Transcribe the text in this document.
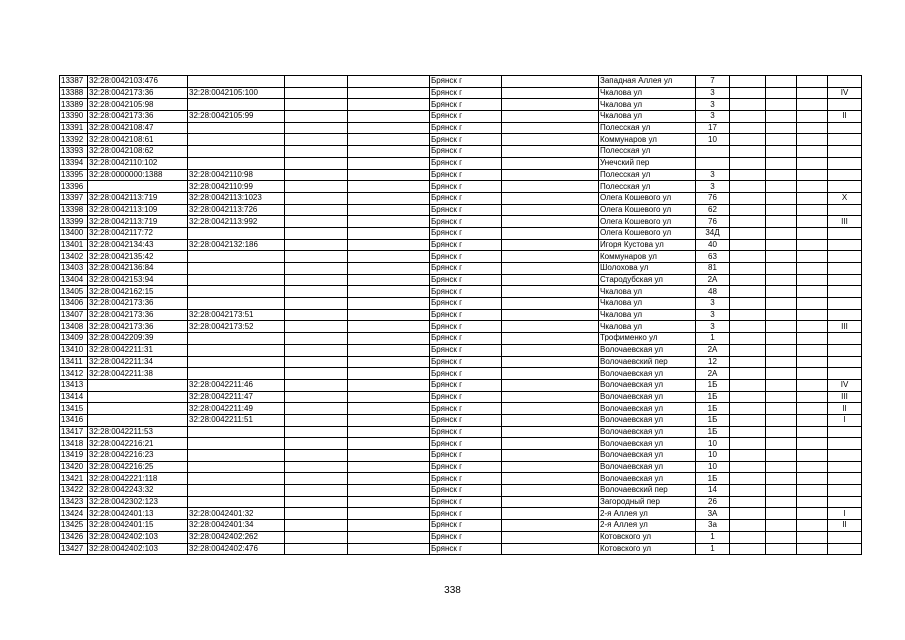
13387	32:28:0042103:476				Брянск г		Западная Аллея ул	7				
13388	32:28:0042173:36	32:28:0042105:100			Брянск г		Чкалова ул	3				IV
13389	32:28:0042105:98				Брянск г		Чкалова ул	3				
13390	32:28:0042173:36	32:28:0042105:99			Брянск г		Чкалова ул	3				II
13391	32:28:0042108:47				Брянск г		Полесская ул	17				
13392	32:28:0042108:61				Брянск г		Коммунаров ул	10				
13393	32:28:0042108:62				Брянск г		Полесская ул					
13394	32:28:0042110:102				Брянск г		Унечский пер					
13395	32:28:0000000:1388	32:28:0042110:98			Брянск г		Полесская ул	3				
13396		32:28:0042110:99			Брянск г		Полесская ул	3				
13397	32:28:0042113:719	32:28:0042113:1023			Брянск г		Олега Кошевого ул	76				X
13398	32:28:0042113:109	32:28:0042113:726			Брянск г		Олега Кошевого ул	62				
13399	32:28:0042113:719	32:28:0042113:992			Брянск г		Олега Кошевого ул	76				III
13400	32:28:0042117:72				Брянск г		Олега Кошевого ул	34Д				
13401	32:28:0042134:43	32:28:0042132:186			Брянск г		Игоря Кустова ул	40				
13402	32:28:0042135:42				Брянск г		Коммунаров ул	63				
13403	32:28:0042136:84				Брянск г		Шолохова ул	81				
13404	32:28:0042153:94				Брянск г		Стародубская ул	2А				
13405	32:28:0042162:15				Брянск г		Чкалова ул	48				
13406	32:28:0042173:36				Брянск г		Чкалова ул	3				
13407	32:28:0042173:36	32:28:0042173:51			Брянск г		Чкалова ул	3				
13408	32:28:0042173:36	32:28:0042173:52			Брянск г		Чкалова ул	3				III
13409	32:28:0042209:39				Брянск г		Трофименко ул	1				
13410	32:28:0042211:31				Брянск г		Волочаевская ул	2А				
13411	32:28:0042211:34				Брянск г		Волочаевский пер	12				
13412	32:28:0042211:38				Брянск г		Волочаевская ул	2А				
13413		32:28:0042211:46			Брянск г		Волочаевская ул	1Б				IV
13414		32:28:0042211:47			Брянск г		Волочаевская ул	1Б				III
13415		32:28:0042211:49			Брянск г		Волочаевская ул	1Б				II
13416		32:28:0042211:51			Брянск г		Волочаевская ул	1Б				I
13417	32:28:0042211:53				Брянск г		Волочаевская ул	1Б				
13418	32:28:0042216:21				Брянск г		Волочаевская ул	10				
13419	32:28:0042216:23				Брянск г		Волочаевская ул	10				
13420	32:28:0042216:25				Брянск г		Волочаевская ул	10				
13421	32:28:0042221:118				Брянск г		Волочаевская ул	1Б				
13422	32:28:0042243:32				Брянск г		Волочаевский пер	14				
13423	32:28:0042302:123				Брянск г		Загородный пер	26				
13424	32:28:0042401:13	32:28:0042401:32			Брянск г		2-я Аллея ул	3А				I
13425	32:28:0042401:15	32:28:0042401:34			Брянск г		2-я Аллея ул	3а				II
13426	32:28:0042402:103	32:28:0042402:262			Брянск г		Котовского ул	1				
13427	32:28:0042402:103	32:28:0042402:476			Брянск г		Котовского ул	1				
338
